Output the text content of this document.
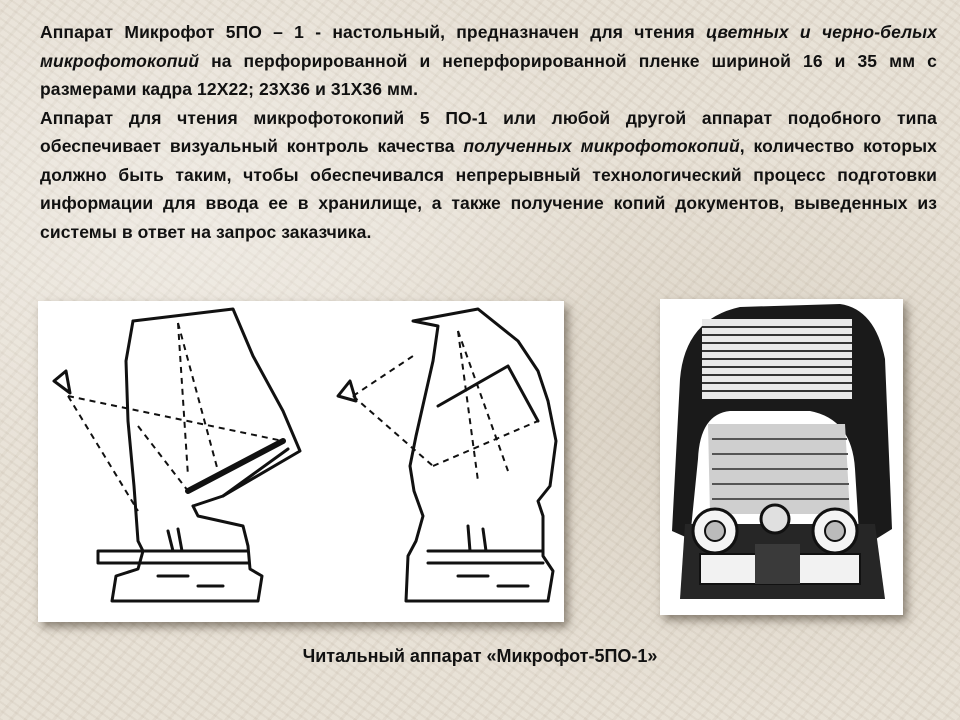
Аппарат Микрофот 5ПО – 1 - настольный, предназначен для чтения цветных и черно-белых микрофотокопий на перфорированной и неперфорированной пленке шириной 16 и 35 мм с размерами кадра 12Х22; 23Х36 и 31Х36 мм.

Аппарат для чтения микрофотокопий 5 ПО-1 или любой другой аппарат подобного типа обеспечивает визуальный контроль качества полученных микрофотокопий, количество которых должно быть таким, чтобы обеспечивался непрерывный технологический процесс подготовки информации для ввода ее в хранилище, а также получение копий документов, выведенных из системы в ответ на запрос заказчика.

Читальный аппарат «Микрофот-5ПО-1»
